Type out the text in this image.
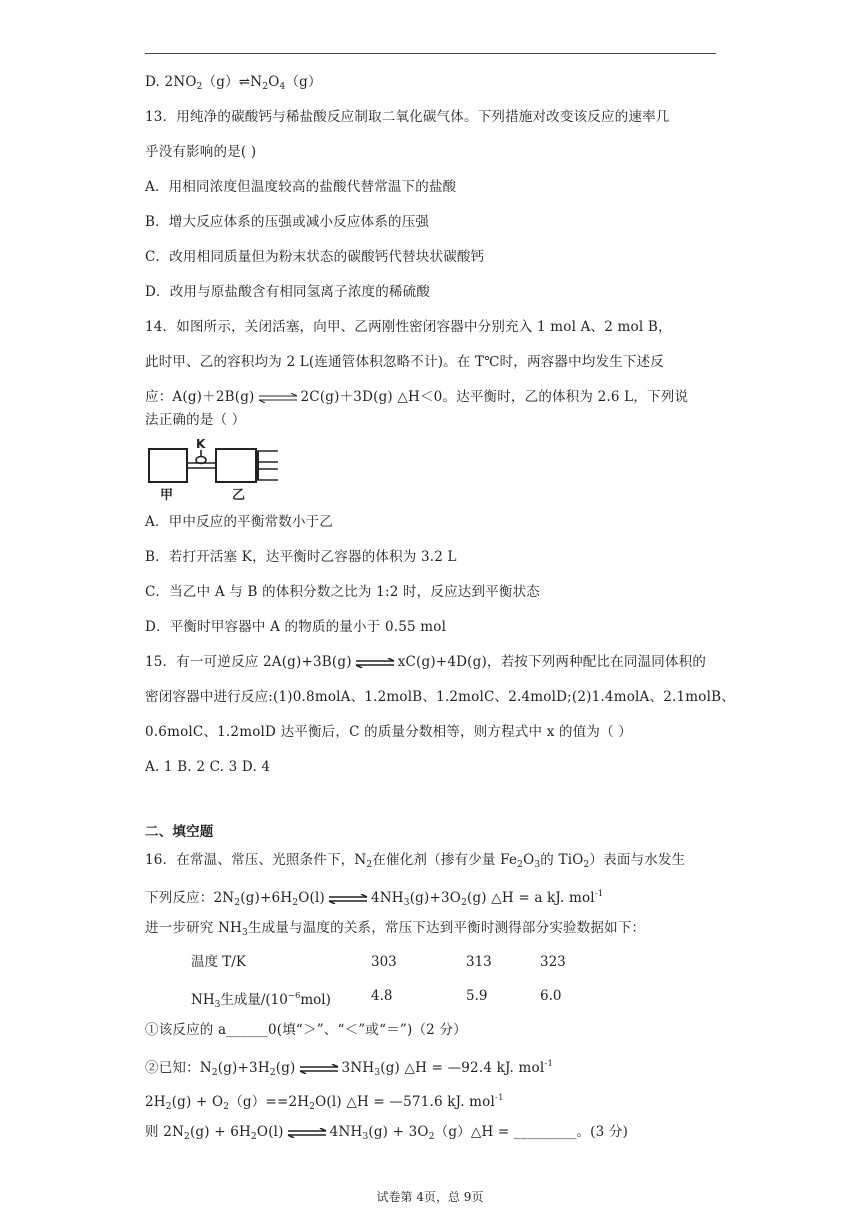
D. $2NO_2(g)\rightleftharpoons N_2O_4(g)$
13．用纯净的碳酸钙与稀盐酸反应制取二氧化碳气体。下列措施对改变该反应的速率几
乎没有影响的是( )
A．用相同浓度但温度较高的盐酸代替常温下的盐酸
B．增大反应体系的压强或减小反应体系的压强
C．改用相同质量但为粉末状态的碳酸钙代替块状碳酸钙
D．改用与原盐酸含有相同氢离子浓度的稀硫酸
14．如图所示，关闭活塞，向甲、乙两刚性密闭容器中分别充入 1 mol A、2 mol B，
此时甲、乙的容积均为 2 L(连通管体积忽略不计)。在 T℃时，两容器中均发生下述反
应：A(g)＋2B(g) ⇌ 2C(g)＋3D(g) △H＜0。达平衡时，乙的体积为 2.6 L，下列说
法正确的是（ ）
K
甲	乙
A．甲中反应的平衡常数小于乙
B．若打开活塞 K，达平衡时乙容器的体积为 3.2 L
C．当乙中 A 与 B 的体积分数之比为 1:2 时，反应达到平衡状态
D．平衡时甲容器中 A 的物质的量小于 0.55 mol
15．有一可逆反应 2A(g)+3B(g) ⇌ xC(g)+4D(g)，若按下列两种配比在同温同体积的
密闭容器中进行反应:(1)0.8molA、1.2molB、1.2molC、2.4molD;(2)1.4molA、2.1molB、
0.6molC、1.2molD 达平衡后，C 的质量分数相等，则方程式中 x 的值为（ ）
A. 1 B. 2 C. 3 D. 4
二、填空题
16．在常温、常压、光照条件下，$N_2$在催化剂（掺有少量 $Fe_2O_3$的 TiO$_2$）表面与水发生
下列反应：$2N_2(g)+6H_2O(l)$ ⇌ $4NH_3(g)+3O_2(g)$ △H = a kJ. mol$^{-1}$
进一步研究 $NH_3$生成量与温度的关系，常压下达到平衡时测得部分实验数据如下：
温度 T/K	303	313	323
$NH_3$生成量$/(10^{-6}mol)$	4.8	5.9	6.0
①该反应的 a______0(填“＞”、“＜”或“＝”)（2 分）
②已知：$N_2(g)+3H_2(g)$ ⇌ $3NH_3(g)$ △H = —92.4 kJ. mol$^{-1}$
$2H_2(g) + O_2(g)==2H_2O(l)$ △H = —571.6 kJ. mol$^{-1}$
则 $2N_2(g) + 6H_2O(l)$ ⇌ $4NH_3(g)$ + $3O_2(g)\triangle H$ = _________。(3 分)
试卷第 4页，总 9页
